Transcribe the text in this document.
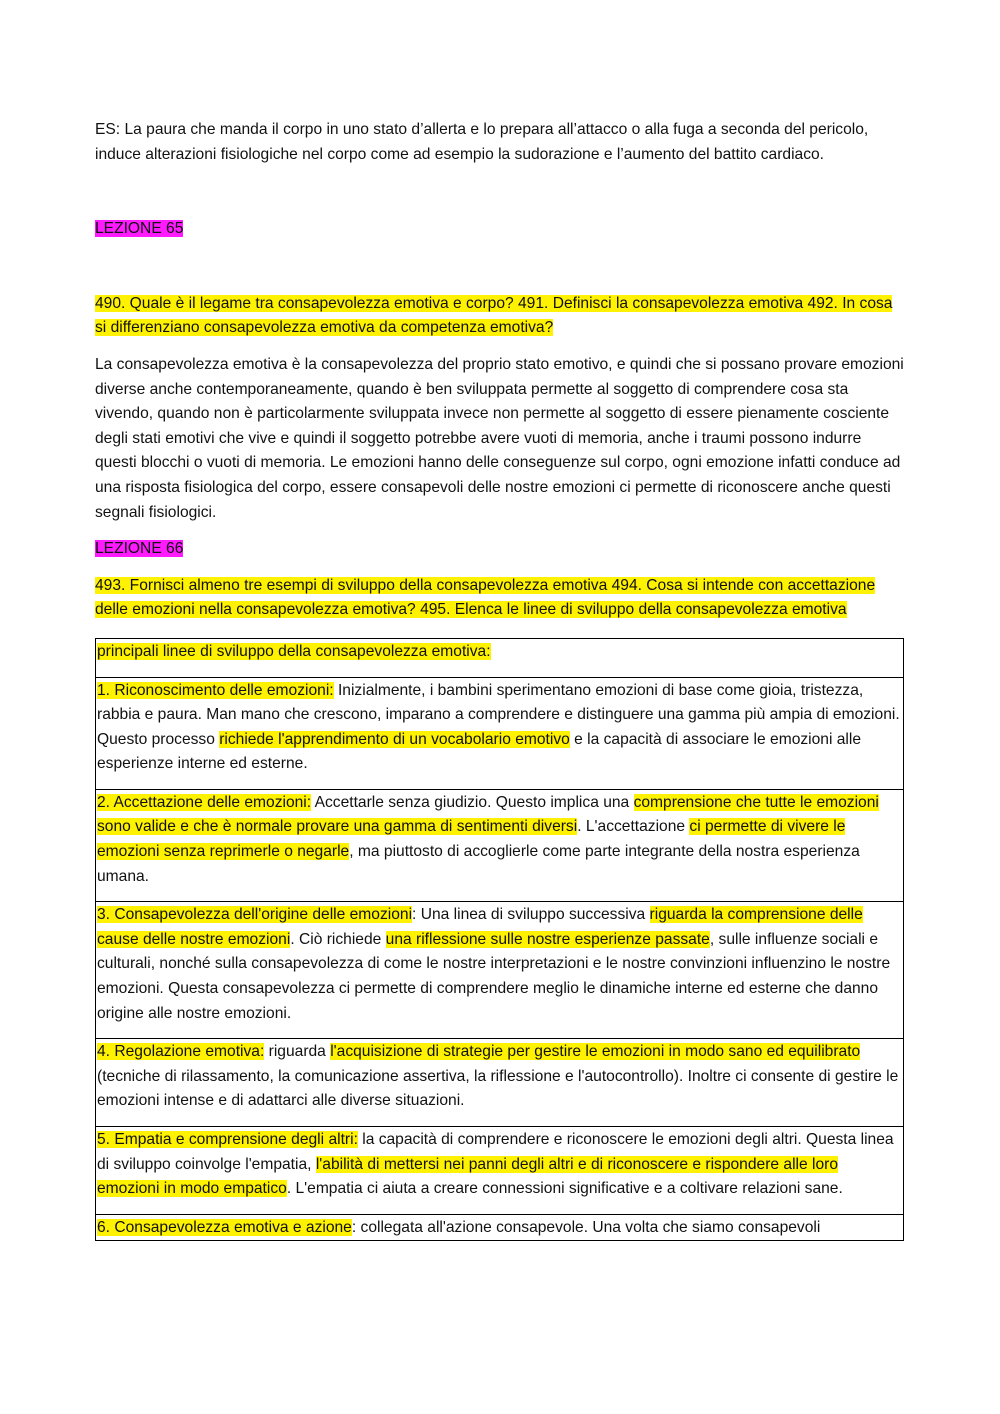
ES: La paura che manda il corpo in uno stato d’allerta e lo prepara all’attacco o alla fuga a seconda del pericolo, induce alterazioni fisiologiche nel corpo come ad esempio la sudorazione e l’aumento del battito cardiaco.

LEZIONE 65

490. Quale è il legame tra consapevolezza emotiva e corpo? 491. Definisci la consapevolezza emotiva 492. In cosa si differenziano consapevolezza emotiva da competenza emotiva?

La consapevolezza emotiva è la consapevolezza del proprio stato emotivo, e quindi che si possano provare emozioni diverse anche contemporaneamente, quando è ben sviluppata permette al soggetto di comprendere cosa sta vivendo, quando non è particolarmente sviluppata invece non permette al soggetto di essere pienamente cosciente degli stati emotivi che vive e quindi il soggetto potrebbe avere vuoti di memoria, anche i traumi possono indurre questi blocchi o vuoti di memoria. Le emozioni hanno delle conseguenze sul corpo, ogni emozione infatti conduce ad una risposta fisiologica del corpo, essere consapevoli delle nostre emozioni ci permette di riconoscere anche questi segnali fisiologici.

LEZIONE 66

493. Fornisci almeno tre esempi di sviluppo della consapevolezza emotiva 494. Cosa si intende con accettazione delle emozioni nella consapevolezza emotiva? 495. Elenca le linee di sviluppo della consapevolezza emotiva

principali linee di sviluppo della consapevolezza emotiva:
1. Riconoscimento delle emozioni: Inizialmente, i bambini sperimentano emozioni di base come gioia, tristezza, rabbia e paura. Man mano che crescono, imparano a comprendere e distinguere una gamma più ampia di emozioni. Questo processo richiede l'apprendimento di un vocabolario emotivo e la capacità di associare le emozioni alle esperienze interne ed esterne.
2. Accettazione delle emozioni: Accettarle senza giudizio. Questo implica una comprensione che tutte le emozioni sono valide e che è normale provare una gamma di sentimenti diversi. L'accettazione ci permette di vivere le emozioni senza reprimerle o negarle, ma piuttosto di accoglierle come parte integrante della nostra esperienza umana.
3. Consapevolezza dell'origine delle emozioni: Una linea di sviluppo successiva riguarda la comprensione delle cause delle nostre emozioni. Ciò richiede una riflessione sulle nostre esperienze passate, sulle influenze sociali e culturali, nonché sulla consapevolezza di come le nostre interpretazioni e le nostre convinzioni influenzino le nostre emozioni. Questa consapevolezza ci permette di comprendere meglio le dinamiche interne ed esterne che danno origine alle nostre emozioni.
4. Regolazione emotiva: riguarda l'acquisizione di strategie per gestire le emozioni in modo sano ed equilibrato (tecniche di rilassamento, la comunicazione assertiva, la riflessione e l'autocontrollo). Inoltre ci consente di gestire le emozioni intense e di adattarci alle diverse situazioni.
5. Empatia e comprensione degli altri: la capacità di comprendere e riconoscere le emozioni degli altri. Questa linea di sviluppo coinvolge l'empatia, l'abilità di mettersi nei panni degli altri e di riconoscere e rispondere alle loro emozioni in modo empatico. L'empatia ci aiuta a creare connessioni significative e a coltivare relazioni sane.
6. Consapevolezza emotiva e azione: collegata all'azione consapevole. Una volta che siamo consapevoli
